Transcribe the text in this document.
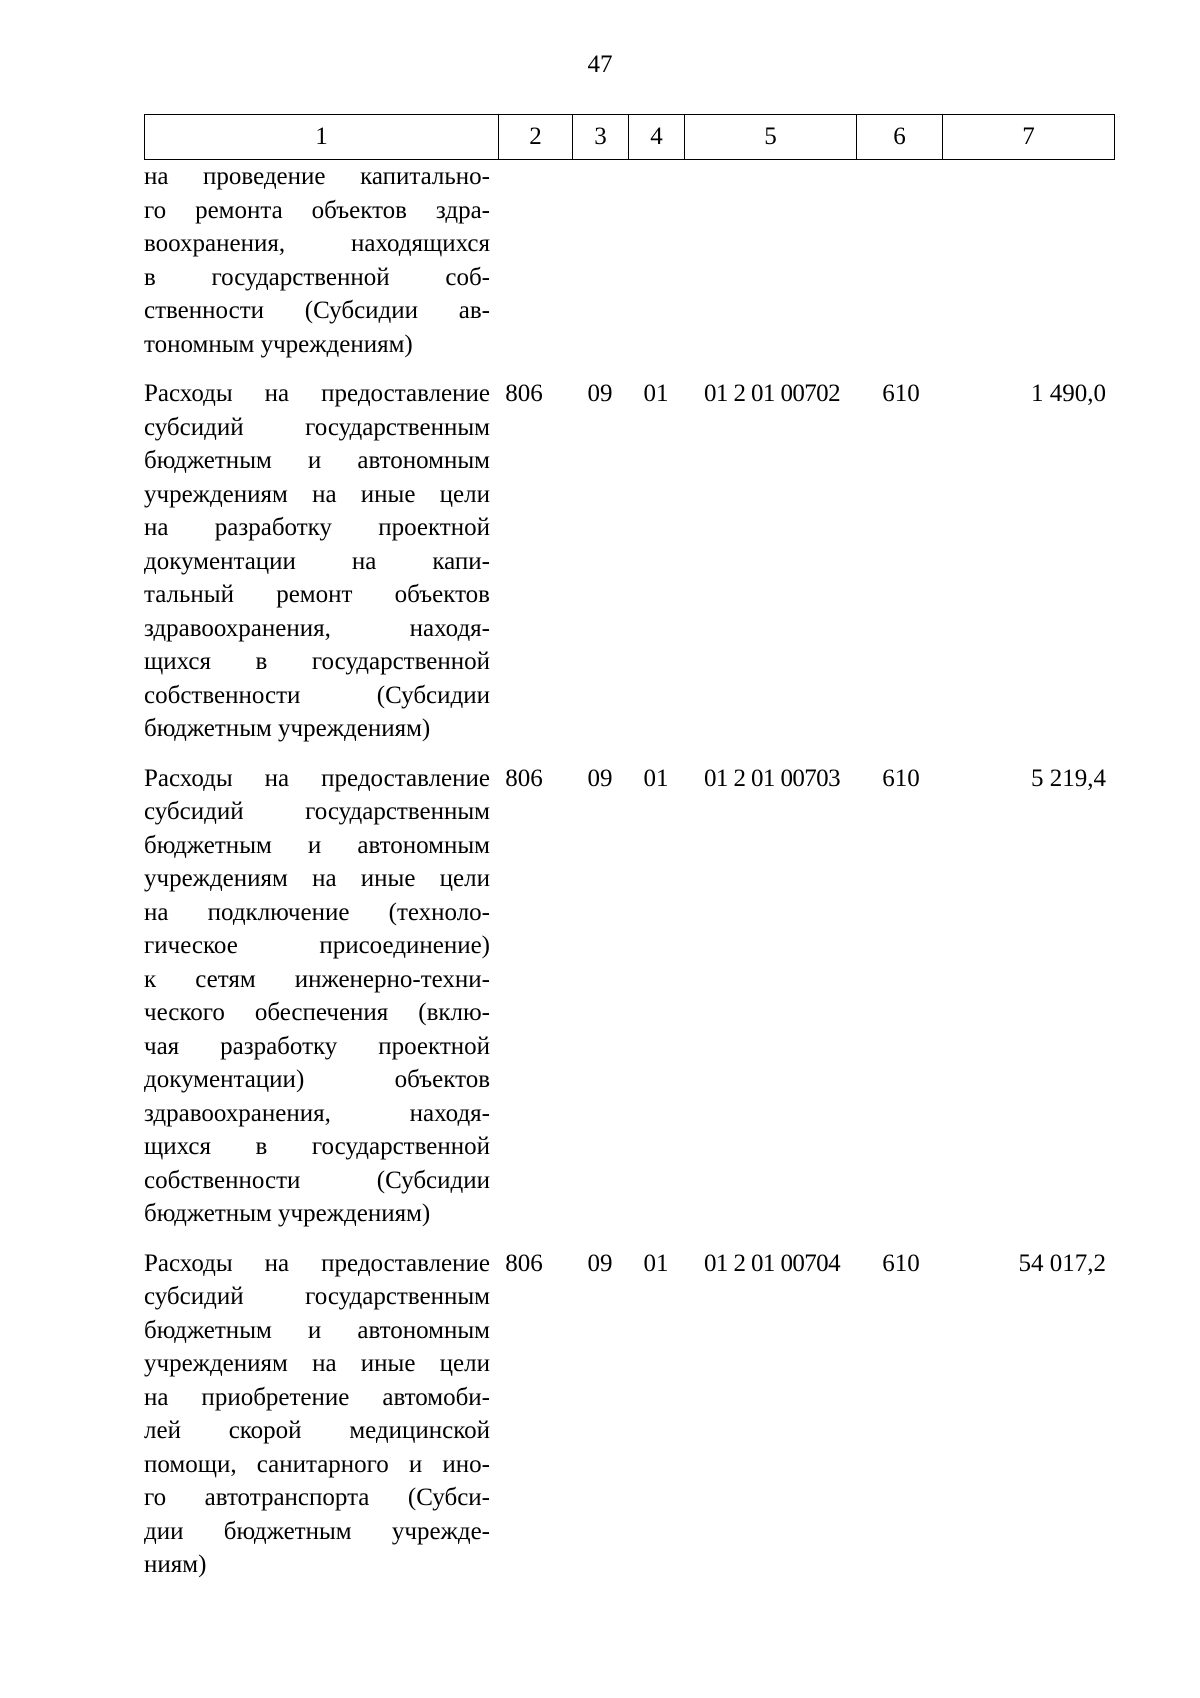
47
1	2	3	4	5	6	7
на проведение капитально-
го ремонта объектов здра-
воохранения, находящихся
в государственной соб-
ственности (Субсидии ав-
тономным учреждениям)
Расходы на предоставление
субсидий государственным
бюджетным и автономным
учреждениям на иные цели
на разработку проектной
документации на капи-
тальный ремонт объектов
здравоохранения, находя-
щихся в государственной
собственности (Субсидии
бюджетным учреждениям)
806	09	01	01 2 01 00702	610	1 490,0
Расходы на предоставление
субсидий государственным
бюджетным и автономным
учреждениям на иные цели
на подключение (техноло-
гическое присоединение)
к сетям инженерно-техни-
ческого обеспечения (вклю-
чая разработку проектной
документации) объектов
здравоохранения, находя-
щихся в государственной
собственности (Субсидии
бюджетным учреждениям)
806	09	01	01 2 01 00703	610	5 219,4
Расходы на предоставление
субсидий государственным
бюджетным и автономным
учреждениям на иные цели
на приобретение автомоби-
лей скорой медицинской
помощи, санитарного и ино-
го автотранспорта (Субси-
дии бюджетным учрежде-
ниям)
806	09	01	01 2 01 00704	610	54 017,2
